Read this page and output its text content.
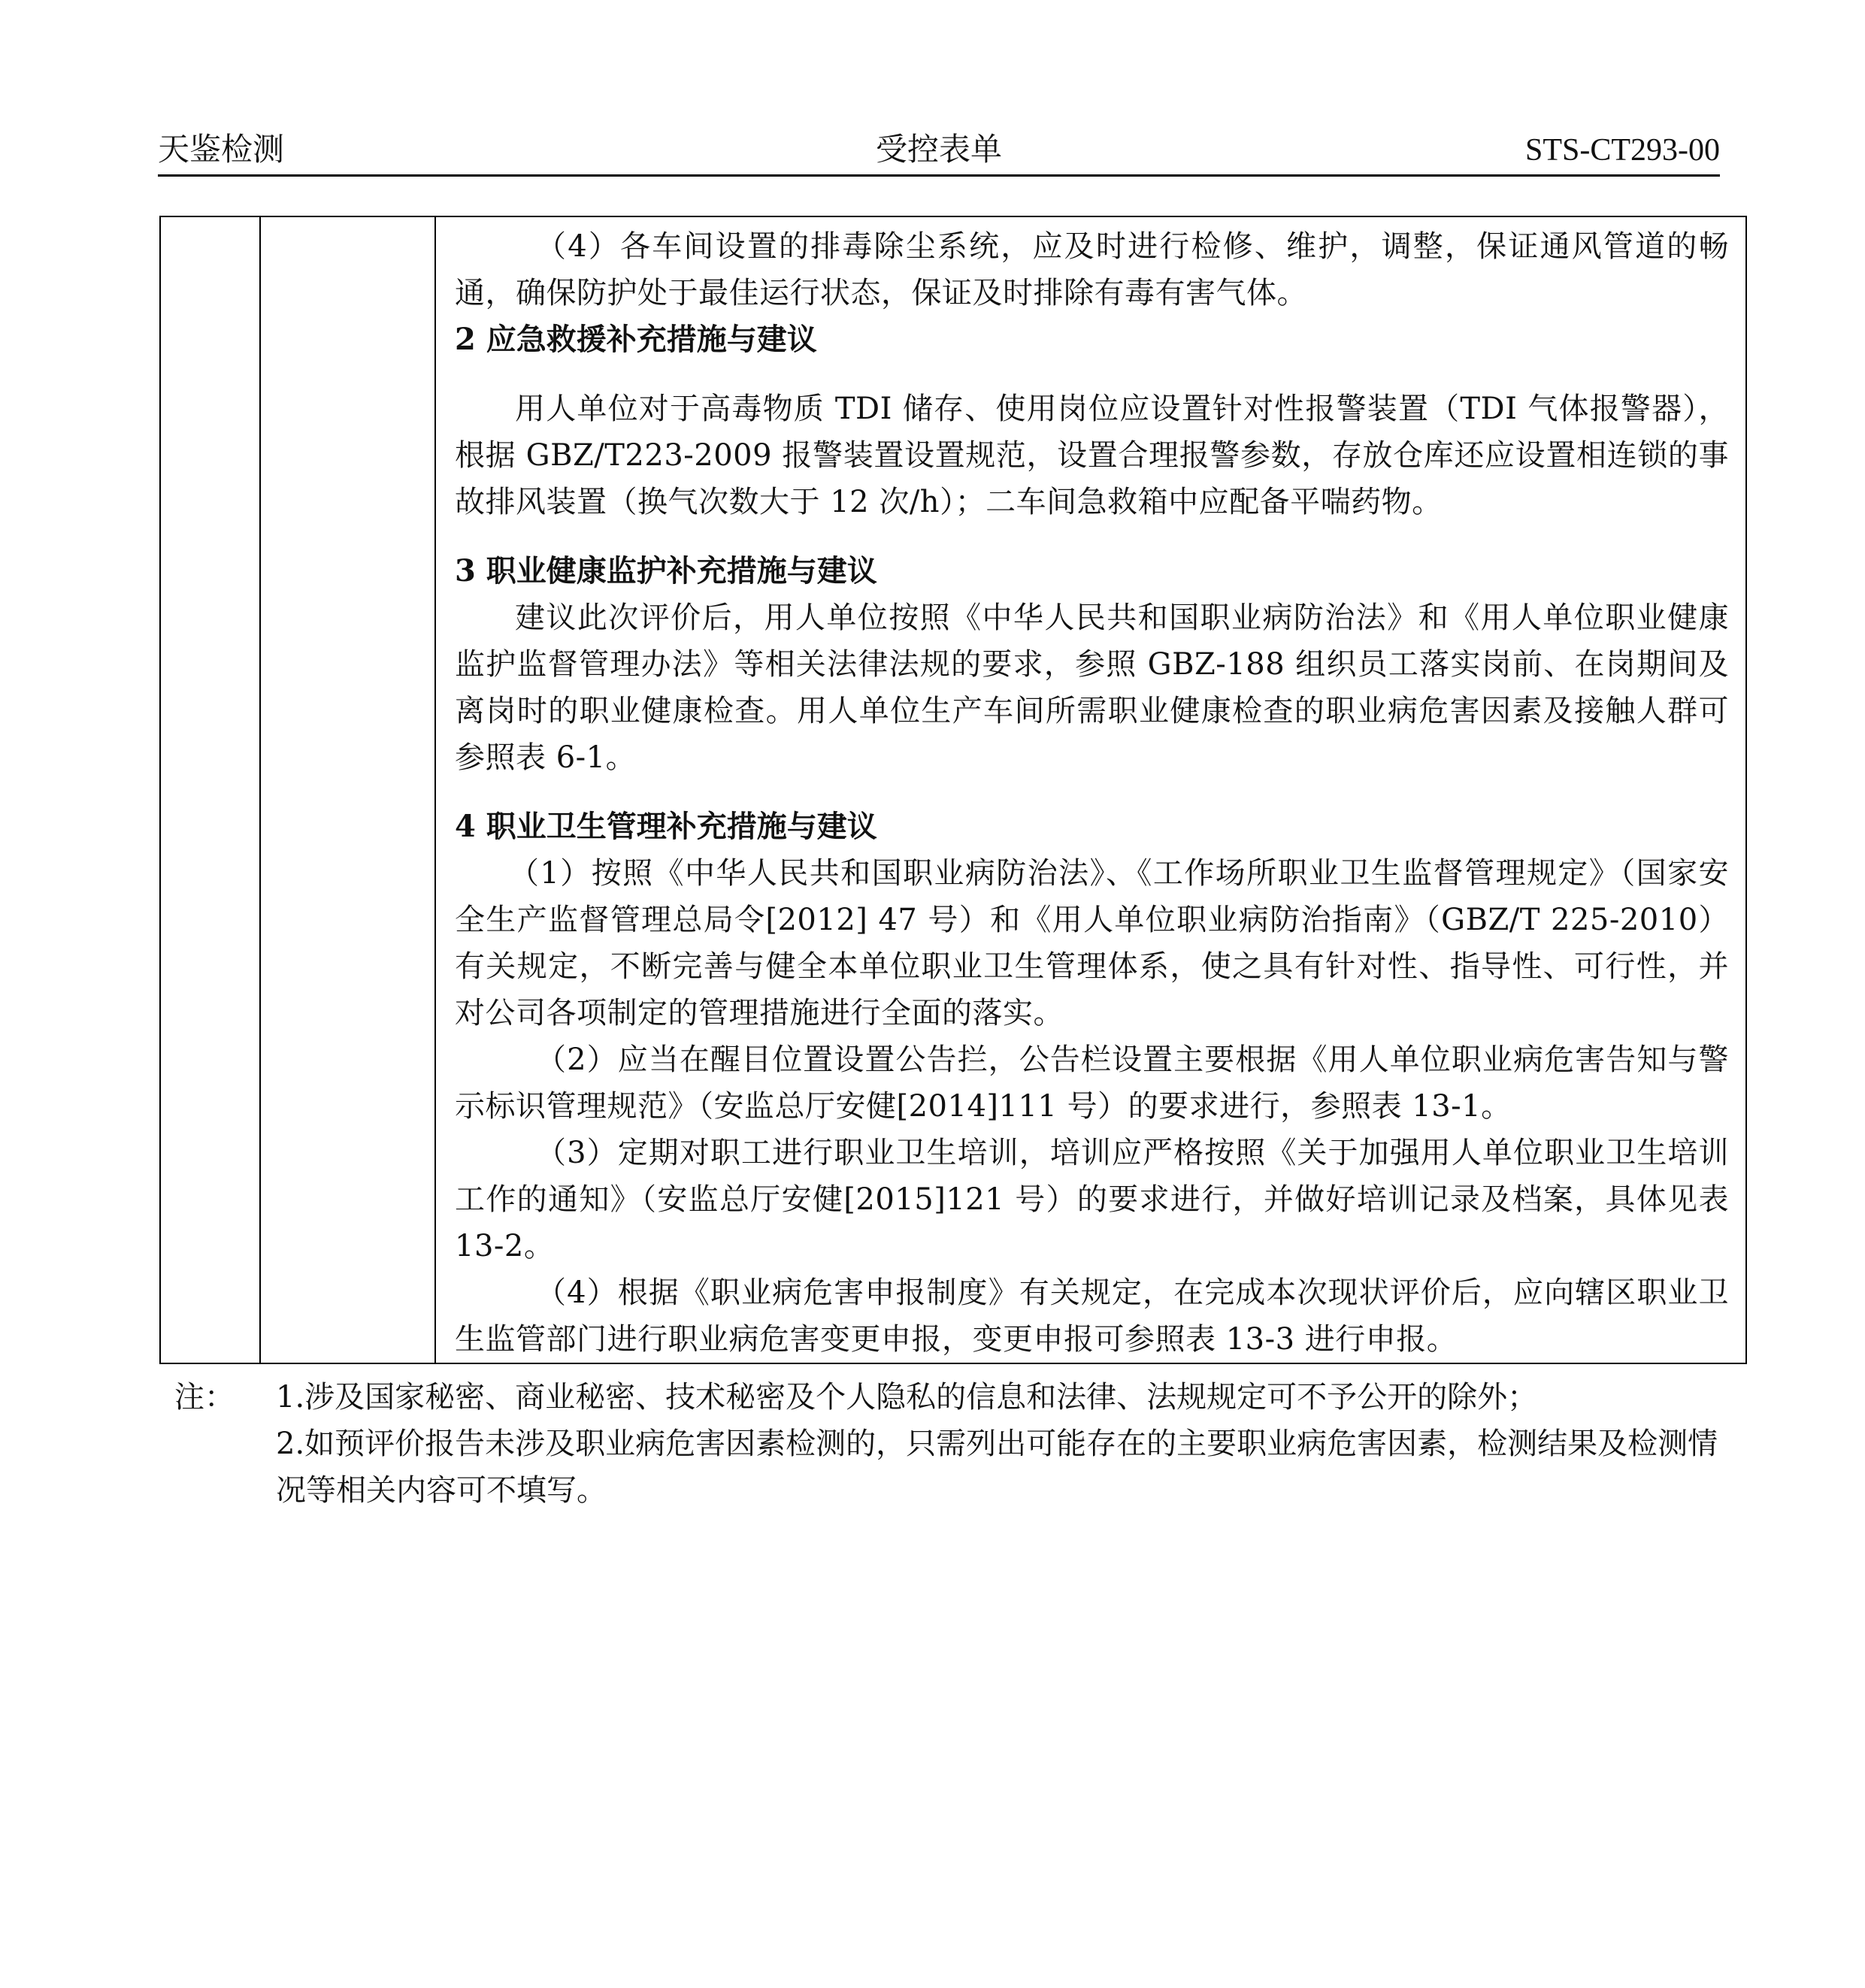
天鉴检测	受控表单	STS-CT293-00

（4）各车间设置的排毒除尘系统，应及时进行检修、维护，调整，保证通风管道的畅通，确保防护处于最佳运行状态，保证及时排除有毒有害气体。

2 应急救援补充措施与建议

用人单位对于高毒物质 TDI 储存、使用岗位应设置针对性报警装置（TDI 气体报警器），根据 GBZ/T223-2009 报警装置设置规范，设置合理报警参数，存放仓库还应设置相连锁的事故排风装置（换气次数大于 12 次/h）；二车间急救箱中应配备平喘药物。

3 职业健康监护补充措施与建议

建议此次评价后，用人单位按照《中华人民共和国职业病防治法》和《用人单位职业健康监护监督管理办法》等相关法律法规的要求，参照 GBZ-188 组织员工落实岗前、在岗期间及离岗时的职业健康检查。用人单位生产车间所需职业健康检查的职业病危害因素及接触人群可参照表 6-1。

4 职业卫生管理补充措施与建议

（1）按照《中华人民共和国职业病防治法》、《工作场所职业卫生监督管理规定》（国家安全生产监督管理总局令[2012] 47 号）和《用人单位职业病防治指南》（GBZ/T 225-2010）有关规定，不断完善与健全本单位职业卫生管理体系，使之具有针对性、指导性、可行性，并对公司各项制定的管理措施进行全面的落实。

（2）应当在醒目位置设置公告拦，公告栏设置主要根据《用人单位职业病危害告知与警示标识管理规范》（安监总厅安健[2014]111 号）的要求进行，参照表 13-1。

（3）定期对职工进行职业卫生培训，培训应严格按照《关于加强用人单位职业卫生培训工作的通知》（安监总厅安健[2015]121 号）的要求进行，并做好培训记录及档案，具体见表 13-2。

（4）根据《职业病危害申报制度》有关规定，在完成本次现状评价后，应向辖区职业卫生监管部门进行职业病危害变更申报，变更申报可参照表 13-3 进行申报。

注： 1.涉及国家秘密、商业秘密、技术秘密及个人隐私的信息和法律、法规规定可不予公开的除外；
2.如预评价报告未涉及职业病危害因素检测的，只需列出可能存在的主要职业病危害因素，检测结果及检测情况等相关内容可不填写。
